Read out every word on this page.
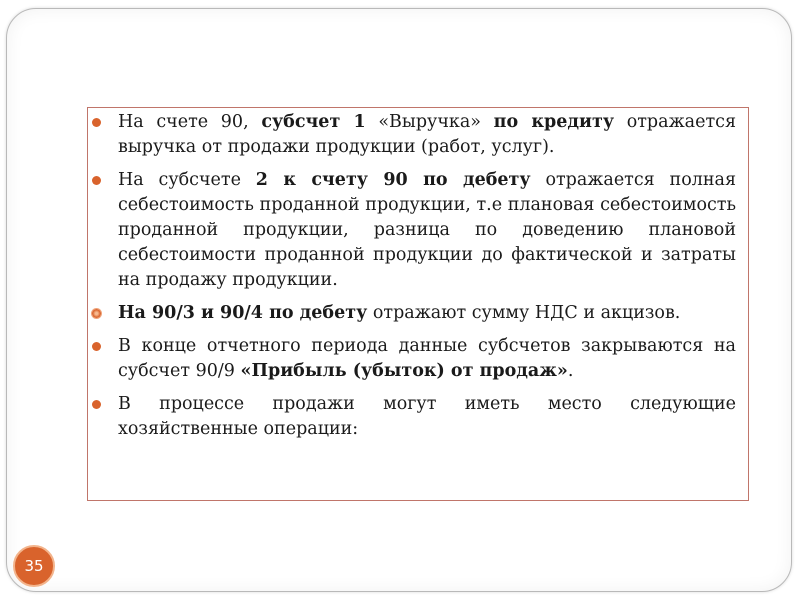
На счете 90, субсчет 1 «Выручка» по кредиту отражается выручка от продажи продукции (работ, услуг).
На субсчете 2 к счету 90 по дебету отражается полная себестоимость проданной продукции, т.е плановая себестоимость проданной продукции, разница по доведению плановой себестоимости проданной продукции до фактической и затраты на продажу продукции.
На 90/3 и 90/4 по дебету отражают сумму НДС и акцизов.
В конце отчетного периода данные субсчетов закрываются на субсчет 90/9 «Прибыль (убыток) от продаж».
В процессе продажи могут иметь место следующие хозяйственные операции:
35
